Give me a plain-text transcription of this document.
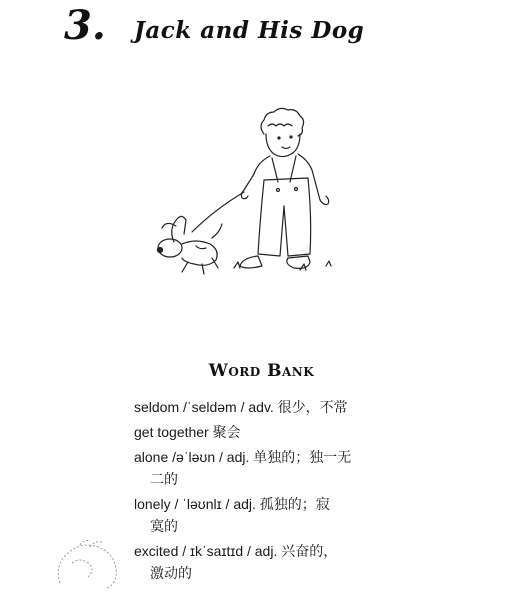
3. Jack and His Dog
Word Bank
seldom /ˈseldəm / adv. 很少，不常
get together 聚会
alone /əˈləʊn / adj. 单独的；独一无
二的
lonely / ˈləʊnlɪ / adj. 孤独的；寂
寞的
excited / ɪkˈsaɪtɪd / adj. 兴奋的，
激动的
